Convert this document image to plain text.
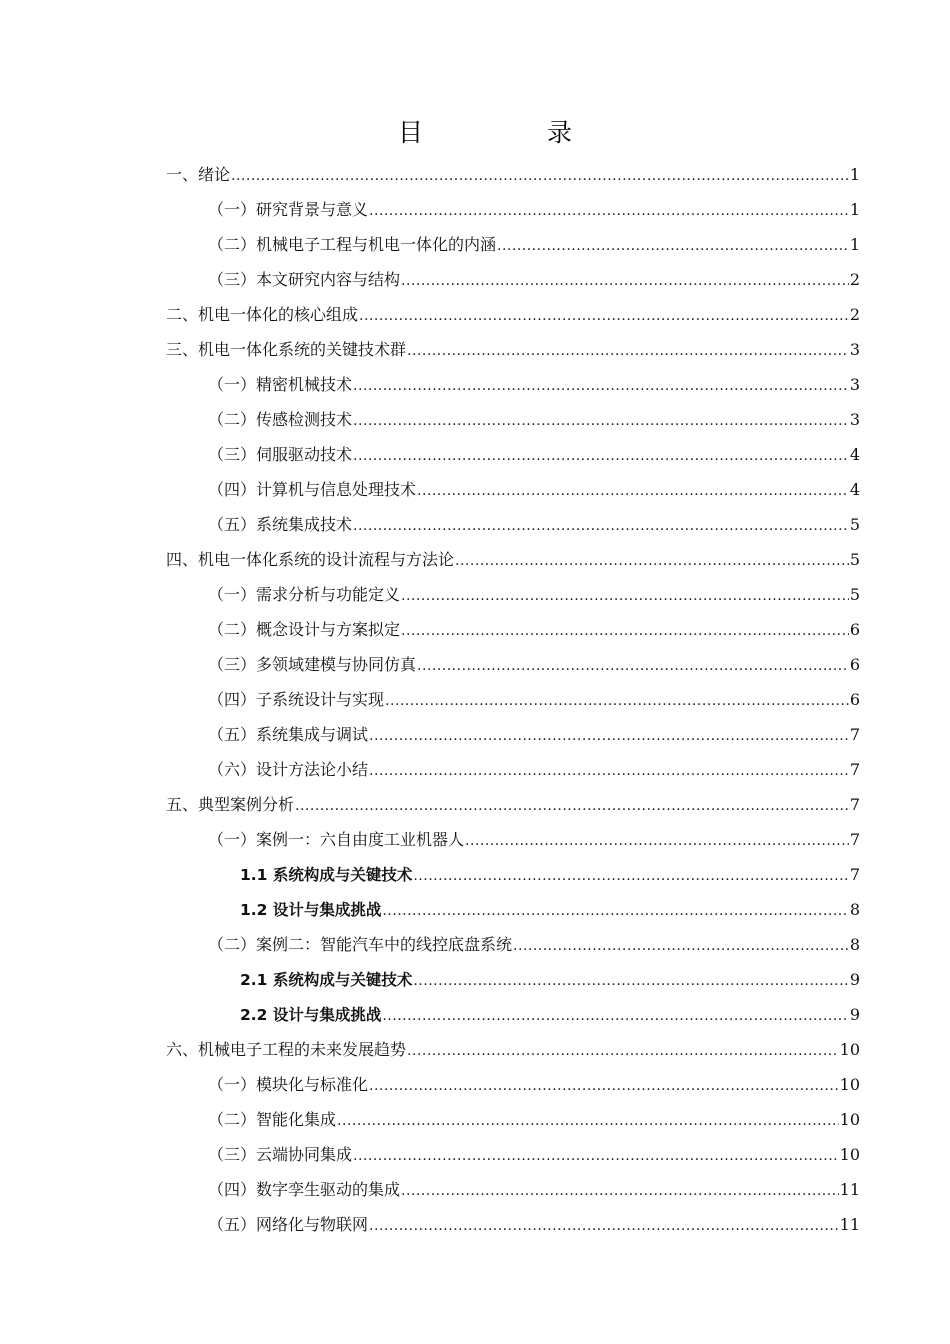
目 录
一、绪论 .....	1
（一）研究背景与意义 .....	1
（二）机械电子工程与机电一体化的内涵 .....	1
（三）本文研究内容与结构 .....	2
二、机电一体化的核心组成 .....	2
三、机电一体化系统的关键技术群 .....	3
（一）精密机械技术 .....	3
（二）传感检测技术 .....	3
（三）伺服驱动技术 .....	4
（四）计算机与信息处理技术 .....	4
（五）系统集成技术 .....	5
四、机电一体化系统的设计流程与方法论 .....	5
（一）需求分析与功能定义 .....	5
（二）概念设计与方案拟定 .....	6
（三）多领域建模与协同仿真 .....	6
（四）子系统设计与实现 .....	6
（五）系统集成与调试 .....	7
（六）设计方法论小结 .....	7
五、典型案例分析 .....	7
（一）案例一：六自由度工业机器人 .....	7
1.1 系统构成与关键技术 .....	7
1.2 设计与集成挑战 .....	8
（二）案例二：智能汽车中的线控底盘系统 .....	8
2.1 系统构成与关键技术 .....	9
2.2 设计与集成挑战 .....	9
六、机械电子工程的未来发展趋势 .....	10
（一）模块化与标准化 .....	10
（二）智能化集成 .....	10
（三）云端协同集成 .....	10
（四）数字孪生驱动的集成 .....	11
（五）网络化与物联网 .....	11
